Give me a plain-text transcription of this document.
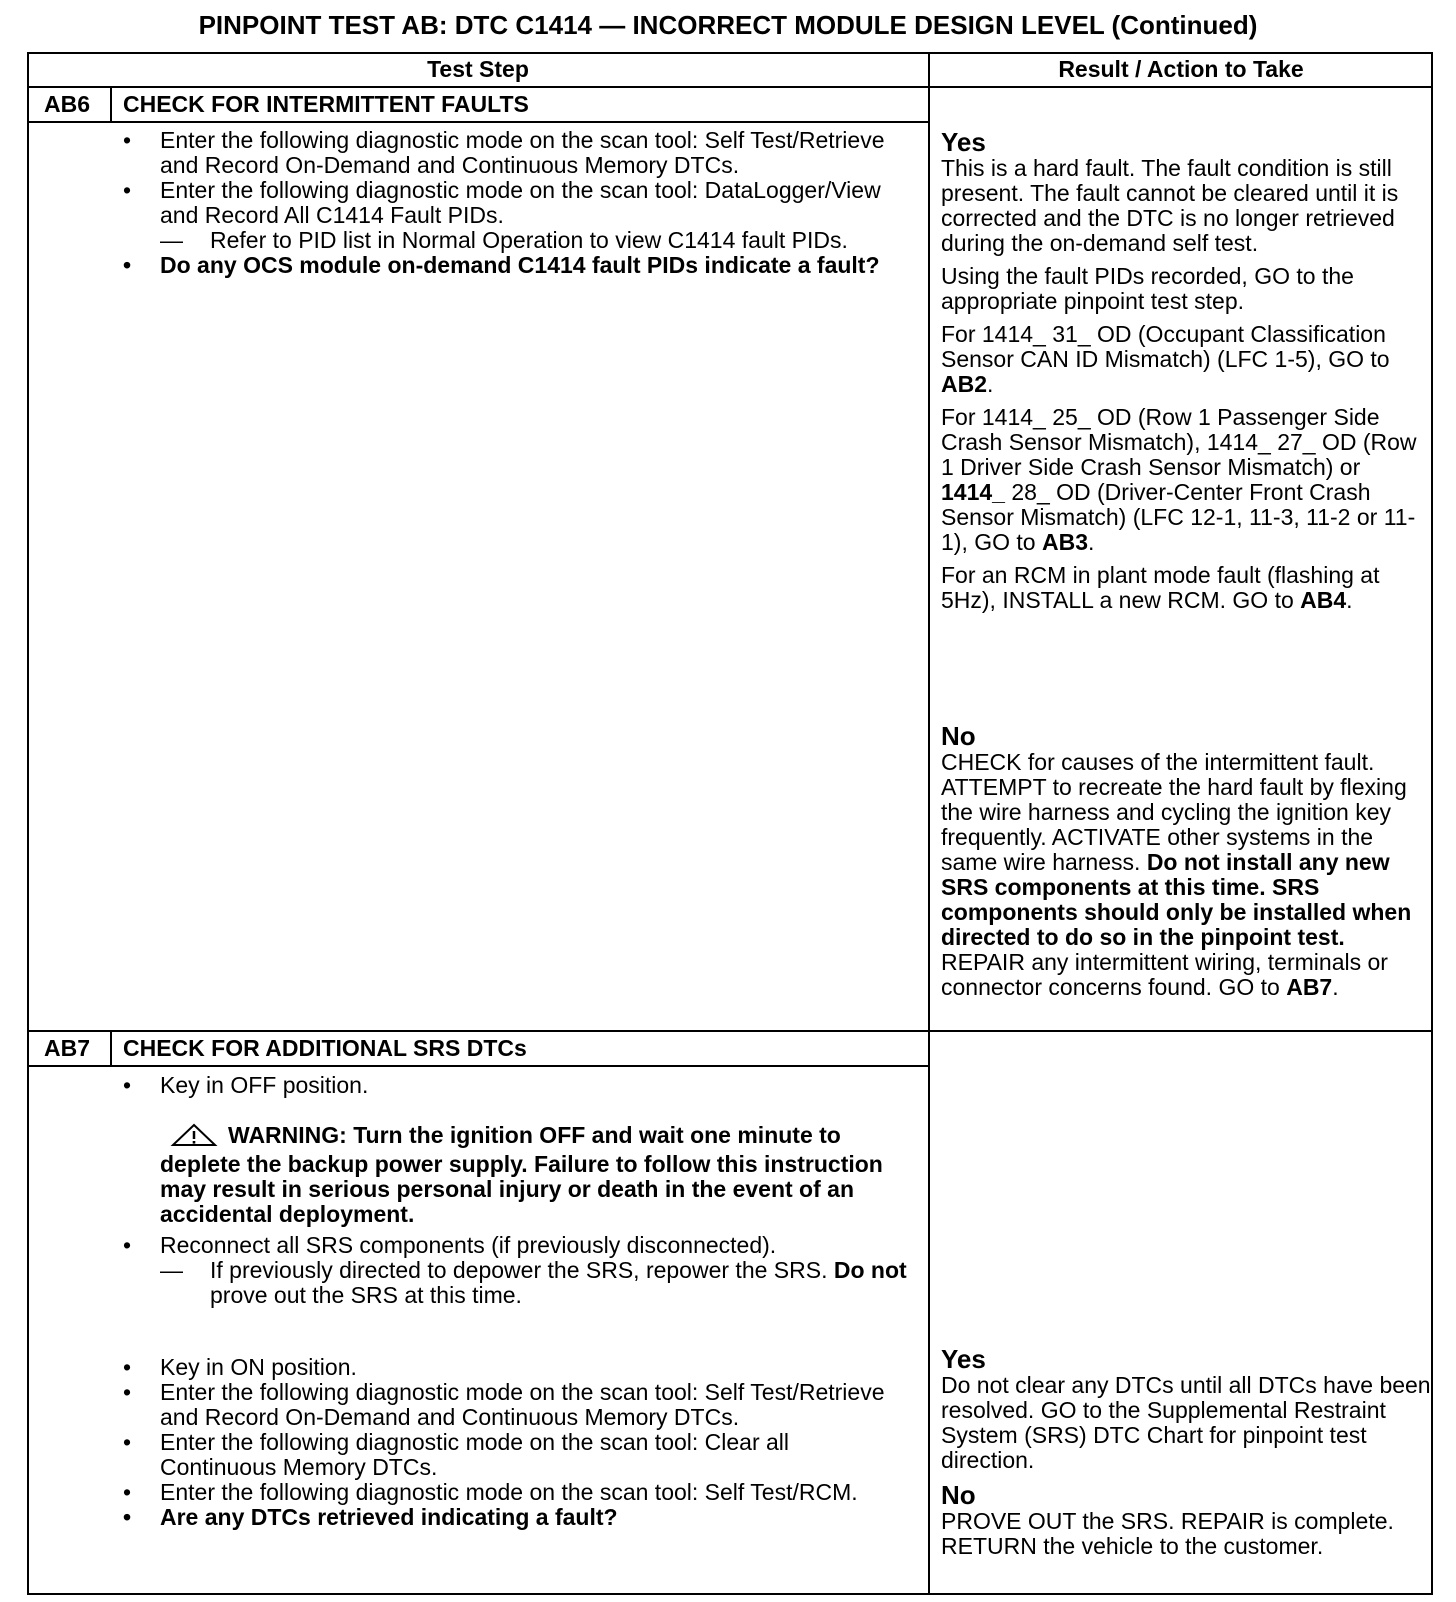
PINPOINT TEST AB: DTC C1414 — INCORRECT MODULE DESIGN LEVEL (Continued)
Test Step	Result / Action to Take
AB6 CHECK FOR INTERMITTENT FAULTS

• Enter the following diagnostic mode on the scan tool: Self Test/Retrieve and Record On-Demand and Continuous Memory DTCs.

• Enter the following diagnostic mode on the scan tool: DataLogger/View and Record All C1414 Fault PIDs.

— Refer to PID list in Normal Operation to view C1414 fault PIDs.

• Do any OCS module on-demand C1414 fault PIDs indicate a fault?

Yes

This is a hard fault. The fault condition is still present. The fault cannot be cleared until it is corrected and the DTC is no longer retrieved during the on-demand self test.

Using the fault PIDs recorded, GO to the appropriate pinpoint test step.

For 1414_ 31_ OD (Occupant Classification Sensor CAN ID Mismatch) (LFC 1-5), GO to AB2.

For 1414_ 25_ OD (Row 1 Passenger Side Crash Sensor Mismatch), 1414_ 27_ OD (Row 1 Driver Side Crash Sensor Mismatch) or 1414_ 28_ OD (Driver-Center Front Crash Sensor Mismatch) (LFC 12-1, 11-3, 11-2 or 11-1), GO to AB3.

For an RCM in plant mode fault (flashing at 5Hz), INSTALL a new RCM. GO to AB4.

No

CHECK for causes of the intermittent fault. ATTEMPT to recreate the hard fault by flexing the wire harness and cycling the ignition key frequently. ACTIVATE other systems in the same wire harness. Do not install any new SRS components at this time. SRS components should only be installed when directed to do so in the pinpoint test. REPAIR any intermittent wiring, terminals or connector concerns found. GO to AB7.

AB7 CHECK FOR ADDITIONAL SRS DTCs

• Key in OFF position.

WARNING: Turn the ignition OFF and wait one minute to deplete the backup power supply. Failure to follow this instruction may result in serious personal injury or death in the event of an accidental deployment.

• Reconnect all SRS components (if previously disconnected).

— If previously directed to depower the SRS, repower the SRS. Do not prove out the SRS at this time.

• Key in ON position.

• Enter the following diagnostic mode on the scan tool: Self Test/Retrieve and Record On-Demand and Continuous Memory DTCs.

• Enter the following diagnostic mode on the scan tool: Clear all Continuous Memory DTCs.

• Enter the following diagnostic mode on the scan tool: Self Test/RCM.

• Are any DTCs retrieved indicating a fault?

Yes

Do not clear any DTCs until all DTCs have been resolved. GO to the Supplemental Restraint System (SRS) DTC Chart for pinpoint test direction.

No

PROVE OUT the SRS. REPAIR is complete. RETURN the vehicle to the customer.
